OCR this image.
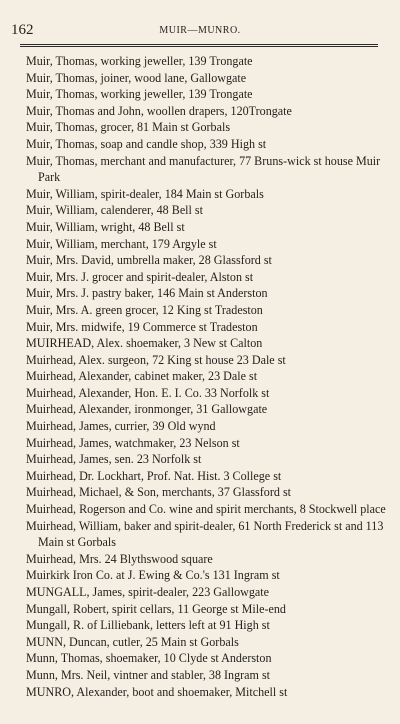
162	MUIR—MUNRO.
Muir, Thomas, working jeweller, 139 Trongate
Muir, Thomas, joiner, wood lane, Gallowgate
Muir, Thomas, working jeweller, 139 Trongate
Muir, Thomas and John, woollen drapers, 120Trongate
Muir, Thomas, grocer, 81 Main st Gorbals
Muir, Thomas, soap and candle shop, 339 High st
Muir, Thomas, merchant and manufacturer, 77 Bruns-wick st house Muir Park
Muir, William, spirit-dealer, 184 Main st Gorbals
Muir, William, calenderer, 48 Bell st
Muir, William, wright, 48 Bell st
Muir, William, merchant, 179 Argyle st
Muir, Mrs. David, umbrella maker, 28 Glassford st
Muir, Mrs. J. grocer and spirit-dealer, Alston st
Muir, Mrs. J. pastry baker, 146 Main st Anderston
Muir, Mrs. A. green grocer, 12 King st Tradeston
Muir, Mrs. midwife, 19 Commerce st Tradeston
MUIRHEAD, Alex. shoemaker, 3 New st Calton
Muirhead, Alex. surgeon, 72 King st house 23 Dale st
Muirhead, Alexander, cabinet maker, 23 Dale st
Muirhead, Alexander, Hon. E. I. Co. 33 Norfolk st
Muirhead, Alexander, ironmonger, 31 Gallowgate
Muirhead, James, currier, 39 Old wynd
Muirhead, James, watchmaker, 23 Nelson st
Muirhead, James, sen. 23 Norfolk st
Muirhead, Dr. Lockhart, Prof. Nat. Hist. 3 College st
Muirhead, Michael, & Son, merchants, 37 Glassford st
Muirhead, Rogerson and Co. wine and spirit merchants, 8 Stockwell place
Muirhead, William, baker and spirit-dealer, 61 North Frederick st and 113 Main st Gorbals
Muirhead, Mrs. 24 Blythswood square
Muirkirk Iron Co. at J. Ewing & Co.'s 131 Ingram st
MUNGALL, James, spirit-dealer, 223 Gallowgate
Mungall, Robert, spirit cellars, 11 George st Mile-end
Mungall, R. of Lilliebank, letters left at 91 High st
MUNN, Duncan, cutler, 25 Main st Gorbals
Munn, Thomas, shoemaker, 10 Clyde st Anderston
Munn, Mrs. Neil, vintner and stabler, 38 Ingram st
MUNRO, Alexander, boot and shoemaker, Mitchell st
